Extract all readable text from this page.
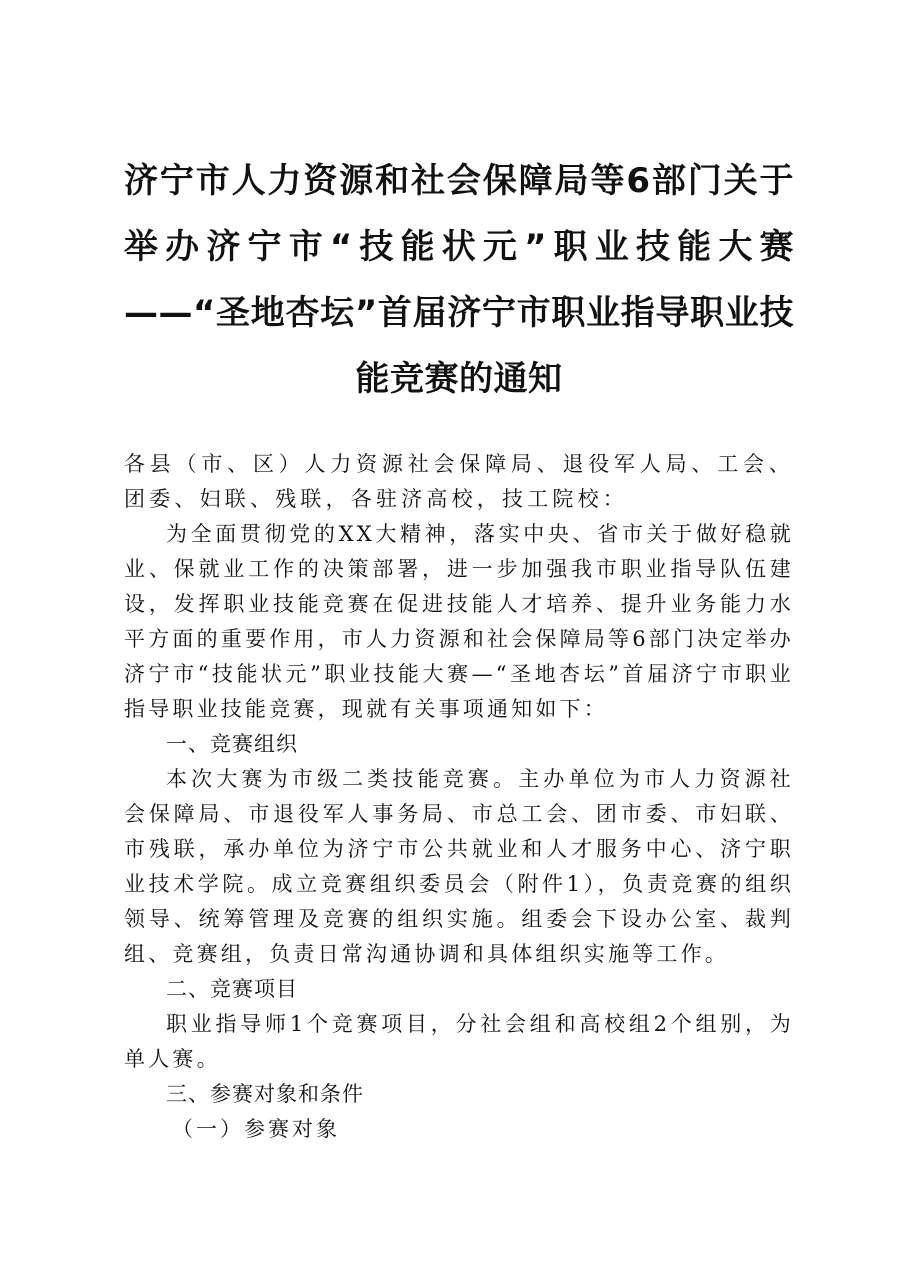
济宁市人力资源和社会保障局等6部门关于举办济宁市“技能状元”职业技能大赛——“圣地杏坛”首届济宁市职业指导职业技能竞赛的通知

各县（市、区）人力资源社会保障局、退役军人局、工会、团委、妇联、残联，各驻济高校，技工院校：

为全面贯彻党的XX大精神，落实中央、省市关于做好稳就业、保就业工作的决策部署，进一步加强我市职业指导队伍建设，发挥职业技能竞赛在促进技能人才培养、提升业务能力水平方面的重要作用，市人力资源和社会保障局等6部门决定举办济宁市“技能状元”职业技能大赛—“圣地杏坛”首届济宁市职业指导职业技能竞赛，现就有关事项通知如下：

一、竞赛组织

本次大赛为市级二类技能竞赛。主办单位为市人力资源社会保障局、市退役军人事务局、市总工会、团市委、市妇联、市残联，承办单位为济宁市公共就业和人才服务中心、济宁职业技术学院。成立竞赛组织委员会（附件1），负责竞赛的组织领导、统筹管理及竞赛的组织实施。组委会下设办公室、裁判组、竞赛组，负责日常沟通协调和具体组织实施等工作。

二、竞赛项目

职业指导师1个竞赛项目，分社会组和高校组2个组别，为单人赛。

三、参赛对象和条件

（一）参赛对象
